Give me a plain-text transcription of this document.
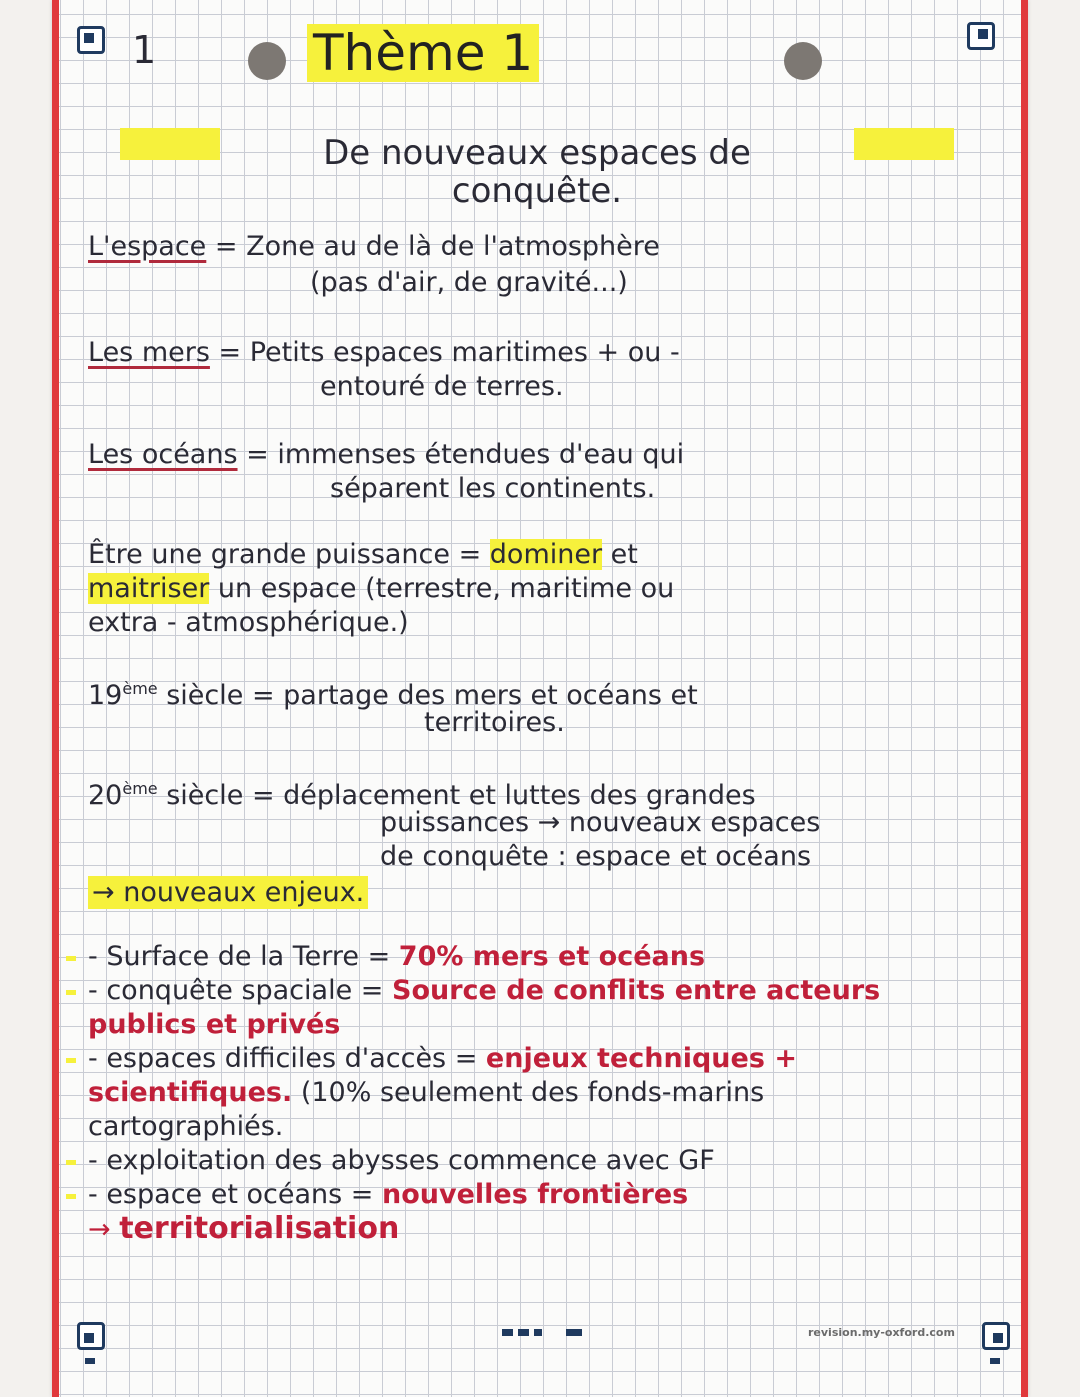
1	Thème 1
De nouveaux espaces de conquête.
L'espace = Zone au de là de l'atmosphère
(pas d'air, de gravité...)
Les mers = Petits espaces maritimes + ou -
entouré de terres.
Les océans = immenses étendues d'eau qui
séparent les continents.
Être une grande puissance = dominer et
maitriser un espace (terrestre, maritime ou
extra - atmosphérique.)
19ème siècle = partage des mers et océans et
territoires.
20ème siècle = déplacement et luttes des grandes
puissances → nouveaux espaces
de conquête : espace et océans
→ nouveaux enjeux.
- Surface de la Terre = 70% mers et océans
- conquête spaciale = Source de conflits entre acteurs
publics et privés
- espaces difficiles d'accès = enjeux techniques +
scientifiques. (10% seulement des fonds-marins
cartographiés.
- exploitation des abysses commence avec GF
- espace et océans = nouvelles frontières
→ territorialisation
revision.my-oxford.com
